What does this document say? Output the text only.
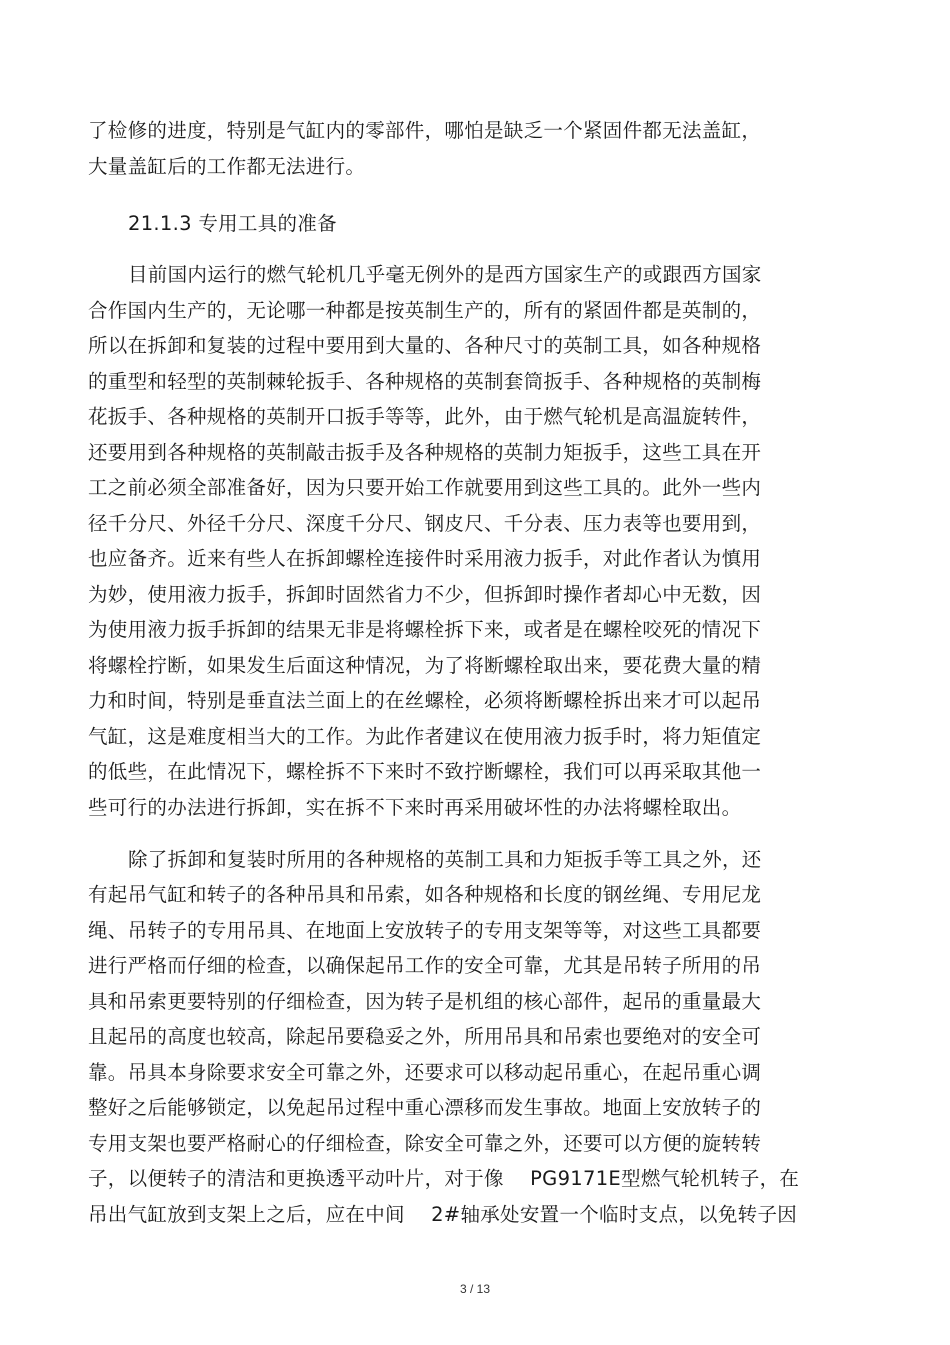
了检修的进度，特别是气缸内的零部件，哪怕是缺乏一个紧固件都无法盖缸，
大量盖缸后的工作都无法进行。
21.1.3 专用工具的准备
目前国内运行的燃气轮机几乎毫无例外的是西方国家生产的或跟西方国家
合作国内生产的，无论哪一种都是按英制生产的，所有的紧固件都是英制的，
所以在拆卸和复装的过程中要用到大量的、各种尺寸的英制工具，如各种规格
的重型和轻型的英制棘轮扳手、各种规格的英制套筒扳手、各种规格的英制梅
花扳手、各种规格的英制开口扳手等等，此外，由于燃气轮机是高温旋转件，
还要用到各种规格的英制敲击扳手及各种规格的英制力矩扳手，这些工具在开
工之前必须全部准备好，因为只要开始工作就要用到这些工具的。此外一些内
径千分尺、外径千分尺、深度千分尺、钢皮尺、千分表、压力表等也要用到，
也应备齐。近来有些人在拆卸螺栓连接件时采用液力扳手，对此作者认为慎用
为妙，使用液力扳手，拆卸时固然省力不少，但拆卸时操作者却心中无数，因
为使用液力扳手拆卸的结果无非是将螺栓拆下来，或者是在螺栓咬死的情况下
将螺栓拧断，如果发生后面这种情况，为了将断螺栓取出来，要花费大量的精
力和时间，特别是垂直法兰面上的在丝螺栓，必须将断螺栓拆出来才可以起吊
气缸，这是难度相当大的工作。为此作者建议在使用液力扳手时，将力矩值定
的低些，在此情况下，螺栓拆不下来时不致拧断螺栓，我们可以再采取其他一
些可行的办法进行拆卸，实在拆不下来时再采用破坏性的办法将螺栓取出。
除了拆卸和复装时所用的各种规格的英制工具和力矩扳手等工具之外，还
有起吊气缸和转子的各种吊具和吊索，如各种规格和长度的钢丝绳、专用尼龙
绳、吊转子的专用吊具、在地面上安放转子的专用支架等等，对这些工具都要
进行严格而仔细的检查，以确保起吊工作的安全可靠，尤其是吊转子所用的吊
具和吊索更要特别的仔细检查，因为转子是机组的核心部件，起吊的重量最大
且起吊的高度也较高，除起吊要稳妥之外，所用吊具和吊索也要绝对的安全可
靠。吊具本身除要求安全可靠之外，还要求可以移动起吊重心，在起吊重心调
整好之后能够锁定，以免起吊过程中重心漂移而发生事故。地面上安放转子的
专用支架也要严格耐心的仔细检查，除安全可靠之外，还要可以方便的旋转转
子，以便转子的清洁和更换透平动叶片，对于像　 PG9171E型燃气轮机转子，在
吊出气缸放到支架上之后，应在中间　 2#轴承处安置一个临时支点，以免转子因
3 / 13
